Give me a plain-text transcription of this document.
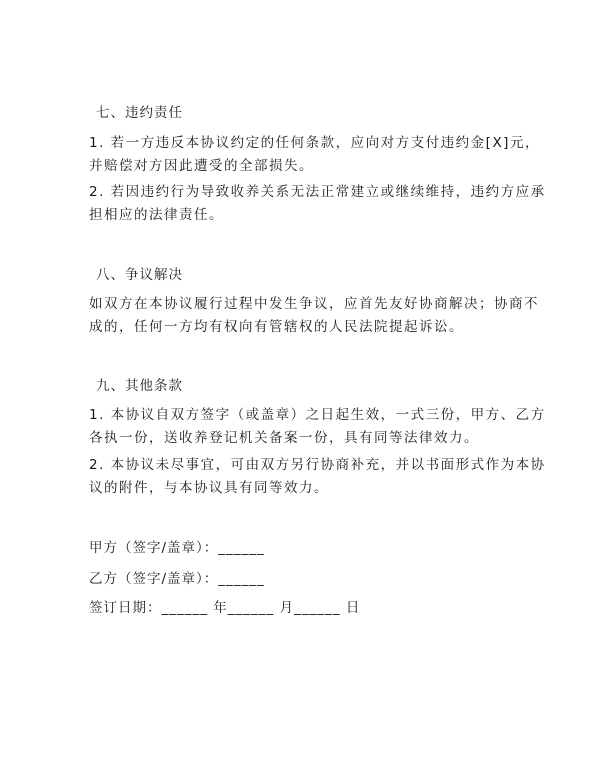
七、违约责任
1. 若一方违反本协议约定的任何条款，应向对方支付违约金[X]元，
并赔偿对方因此遭受的全部损失。
2. 若因违约行为导致收养关系无法正常建立或继续维持，违约方应承
担相应的法律责任。
八、争议解决
如双方在本协议履行过程中发生争议，应首先友好协商解决；协商不
成的，任何一方均有权向有管辖权的人民法院提起诉讼。
九、其他条款
1. 本协议自双方签字（或盖章）之日起生效，一式三份，甲方、乙方
各执一份，送收养登记机关备案一份，具有同等法律效力。
2. 本协议未尽事宜，可由双方另行协商补充，并以书面形式作为本协
议的附件，与本协议具有同等效力。
甲方（签字/盖章）：______
乙方（签字/盖章）：______
签订日期：______ 年______ 月______ 日
